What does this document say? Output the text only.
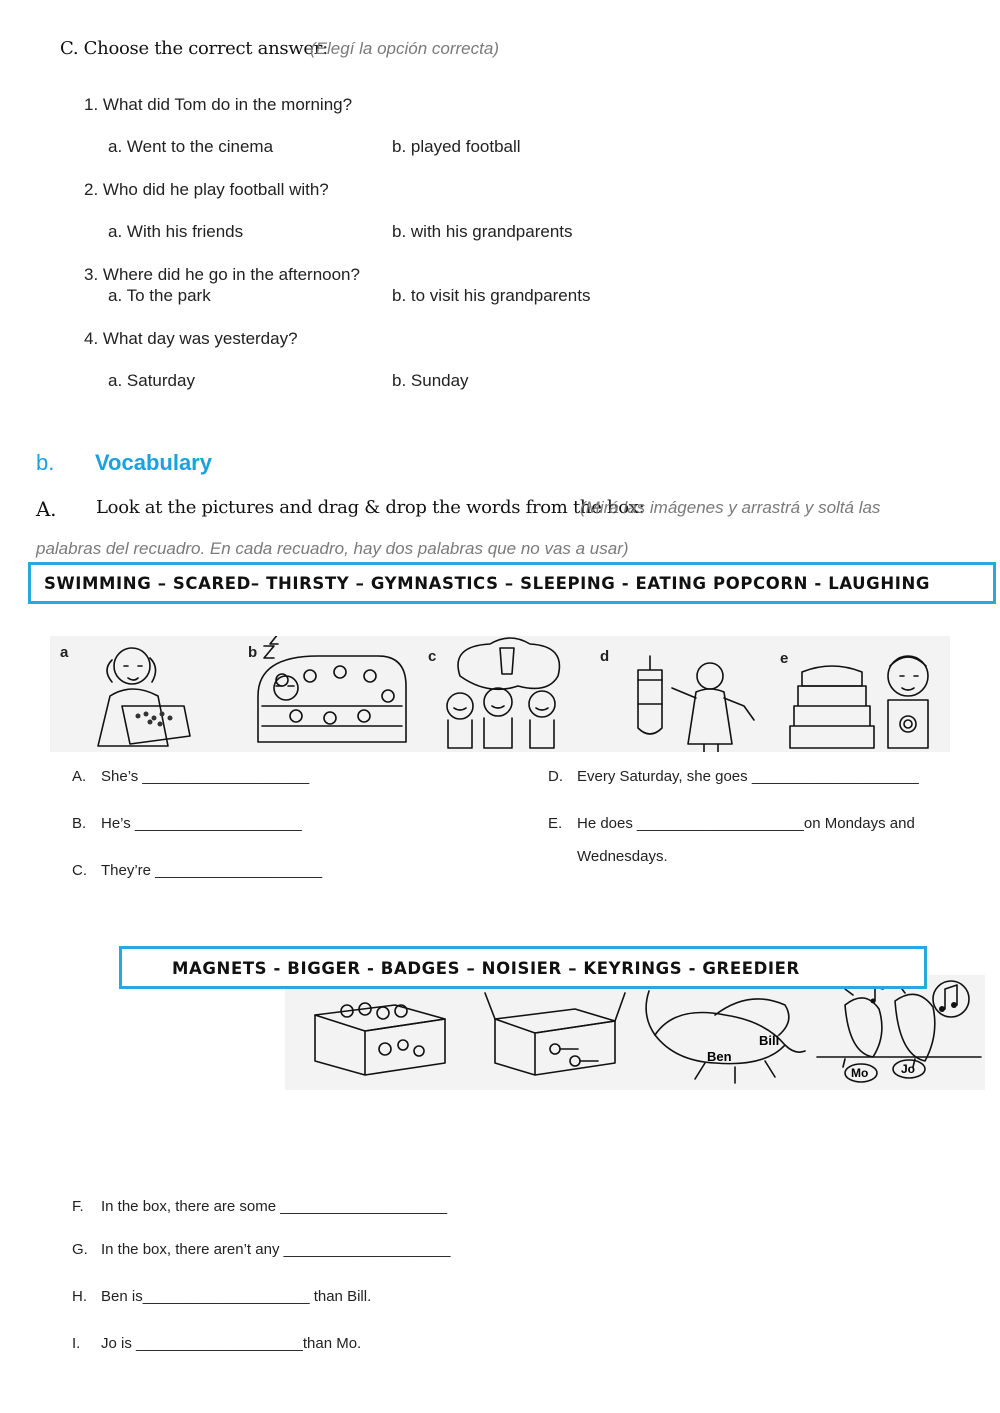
C. Choose the correct answer:
(Elegí la opción correcta)
1. What did Tom do in the morning?
a. Went to the cinema	b. played football
2. Who did he play football with?
a. With his friends	b. with his grandparents
3. Where did he go in the afternoon?
a. To the park	b. to visit his grandparents
4. What day was yesterday?
a. Saturday	b. Sunday
b. Vocabulary
A. Look at the pictures and drag & drop the words from the box:
(Mirá las imágenes y arrastrá y soltá las
palabras del recuadro. En cada recuadro, hay dos palabras que no vas a usar)
SWIMMING – SCARED– THIRSTY – GYMNASTICS – SLEEPING - EATING POPCORN - LAUGHING
a	b	c	d	e
A. She’s ____________________
B. He’s ____________________
C. They’re ____________________
D. Every Saturday, she goes ____________________
E. He does ____________________on Mondays and
Wednesdays.
Ben
Bill
Mo	Jo
MAGNETS - BIGGER - BADGES – NOISIER – KEYRINGS - GREEDIER
F. In the box, there are some ____________________
G. In the box, there aren’t any ____________________
H. Ben is____________________ than Bill.
I. Jo is ____________________than Mo.
